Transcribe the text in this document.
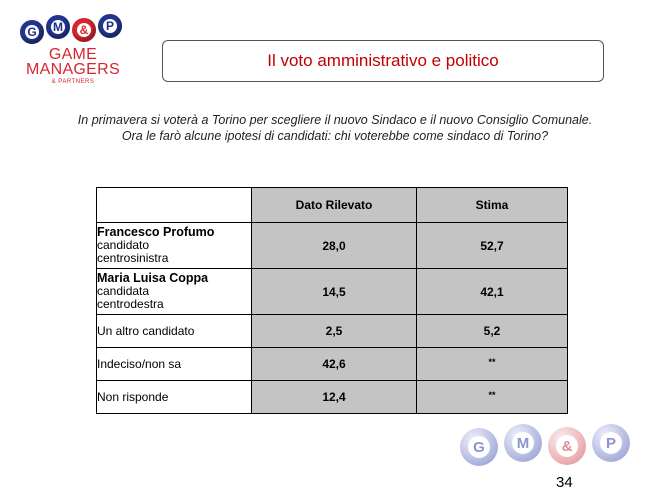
G M & P
GAME
MANAGERS
& PARTNERS
Il voto amministrativo e politico
In primavera si voterà a Torino per scegliere il nuovo Sindaco e il nuovo Consiglio Comunale. Ora le farò alcune ipotesi di candidati: chi voterebbe come sindaco di Torino?
	Dato Rilevato	Stima

Francesco Profumo
candidato
centrosinistra	28,0	52,7

Maria Luisa Coppa
candidata
centrodestra	14,5	42,1
Un altro candidato	2,5	5,2
Indeciso/non sa	42,6	**
Non risponde	12,4	**
G	M	&	P
34
